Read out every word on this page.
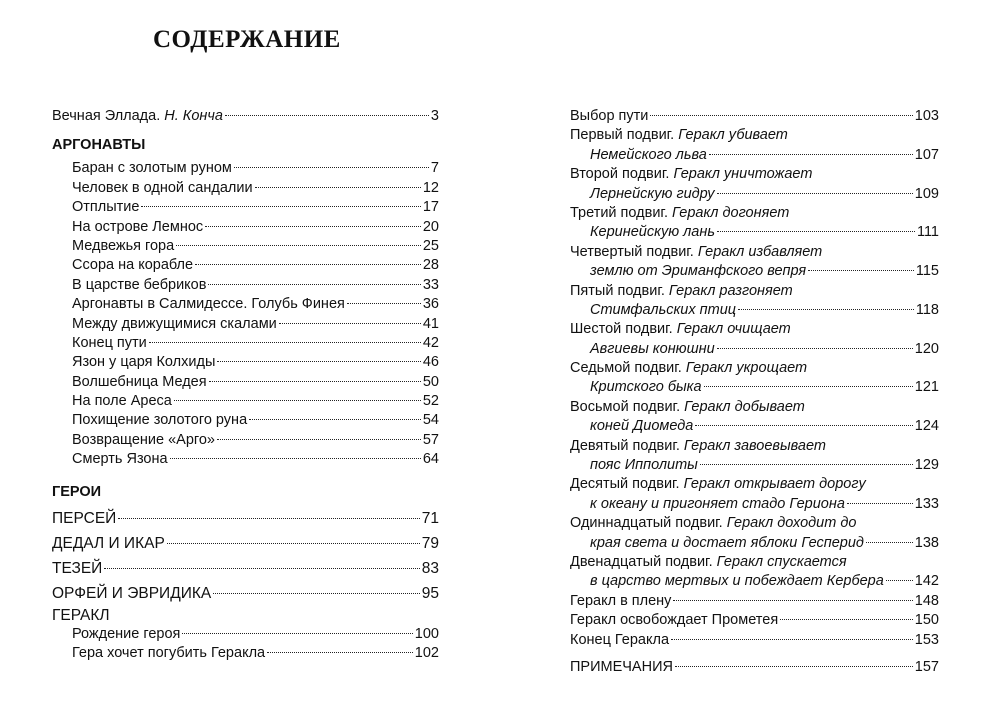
СОДЕРЖАНИЕ
Вечная Эллада. Н. Конча	3
АРГОНАВТЫ
Баран с золотым руном	7
Человек в одной сандалии	12
Отплытие	17
На острове Лемнос	20
Медвежья гора	25
Ссора на корабле	28
В царстве бебриков	33
Аргонавты в Салмидессе. Голубь Финея	36
Между движущимися скалами	41
Конец пути	42
Язон у царя Колхиды	46
Волшебница Медея	50
На поле Ареса	52
Похищение золотого руна	54
Возвращение «Арго»	57
Смерть Язона	64
ГЕРОИ
ПЕРСЕЙ	71
ДЕДАЛ И ИКАР	79
ТЕЗЕЙ	83
ОРФЕЙ И ЭВРИДИКА	95
ГЕРАКЛ
Рождение героя	100
Гера хочет погубить Геракла	102
Выбор пути	103
Первый подвиг. Геракл убивает
Немейского льва	107
Второй подвиг. Геракл уничтожает
Лернейскую гидру	109
Третий подвиг. Геракл догоняет
Керинейскую лань	111
Четвертый подвиг. Геракл избавляет
землю от Эриманфского вепря	115
Пятый подвиг. Геракл разгоняет
Стимфальских птиц	118
Шестой подвиг. Геракл очищает
Авгиевы конюшни	120
Седьмой подвиг. Геракл укрощает
Критского быка	121
Восьмой подвиг. Геракл добывает
коней Диомеда	124
Девятый подвиг. Геракл завоевывает
пояс Ипполиты	129
Десятый подвиг. Геракл открывает дорогу
к океану и пригоняет стадо Гериона	133
Одиннадцатый подвиг. Геракл доходит до
края света и достает яблоки Гесперид	138
Двенадцатый подвиг. Геракл спускается
в царство мертвых и побеждает Кербера 142
Геракл в плену	148
Геракл освобождает Прометея	150
Конец Геракла	153
ПРИМЕЧАНИЯ	157
